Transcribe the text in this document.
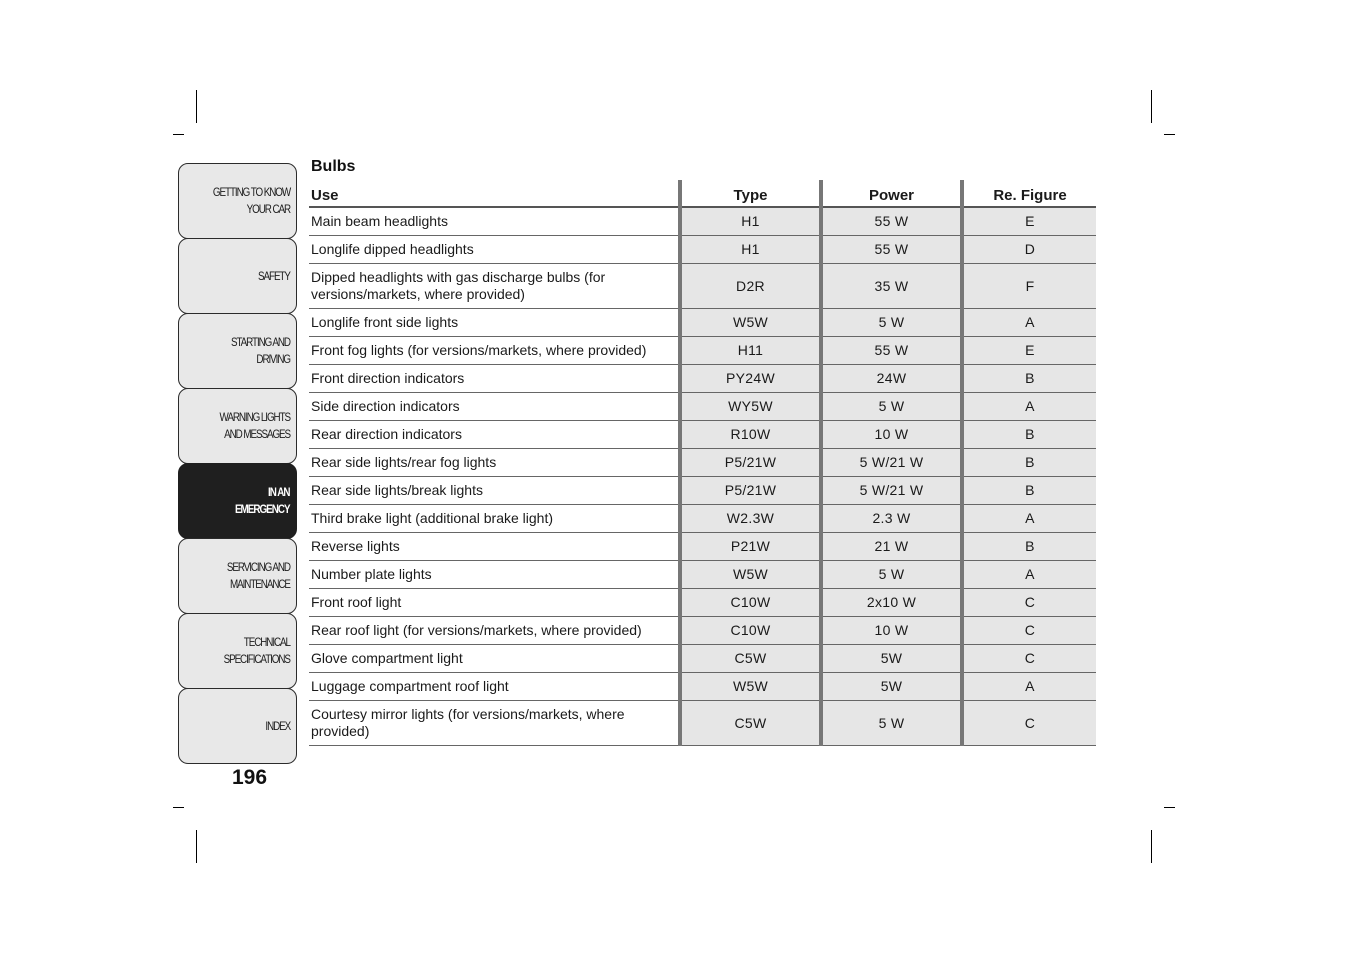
GETTING TO KNOW
YOUR CAR
SAFETY
STARTING AND
DRIVING
WARNING LIGHTS
AND MESSAGES
IN AN
EMERGENCY
SERVICING AND
MAINTENANCE
TECHNICAL
SPECIFICATIONS
INDEX
196
Bulbs
Use	Type	Power	Re. Figure
Main beam headlights	H1	55 W	E
Longlife dipped headlights	H1	55 W	D
Dipped headlights with gas discharge bulbs (for versions/markets, where provided)	D2R	35 W	F
Longlife front side lights	W5W	5 W	A
Front fog lights (for versions/markets, where provided)	H11	55 W	E
Front direction indicators	PY24W	24W	B
Side direction indicators	WY5W	5 W	A
Rear direction indicators	R10W	10 W	B
Rear side lights/rear fog lights	P5/21W	5 W/21 W	B
Rear side lights/break lights	P5/21W	5 W/21 W	B
Third brake light (additional brake light)	W2.3W	2.3 W	A
Reverse lights	P21W	21 W	B
Number plate lights	W5W	5 W	A
Front roof light	C10W	2x10 W	C
Rear roof light (for versions/markets, where provided)	C10W	10 W	C
Glove compartment light	C5W	5W	C
Luggage compartment roof light	W5W	5W	A
Courtesy mirror lights (for versions/markets, where provided)	C5W	5 W	C
